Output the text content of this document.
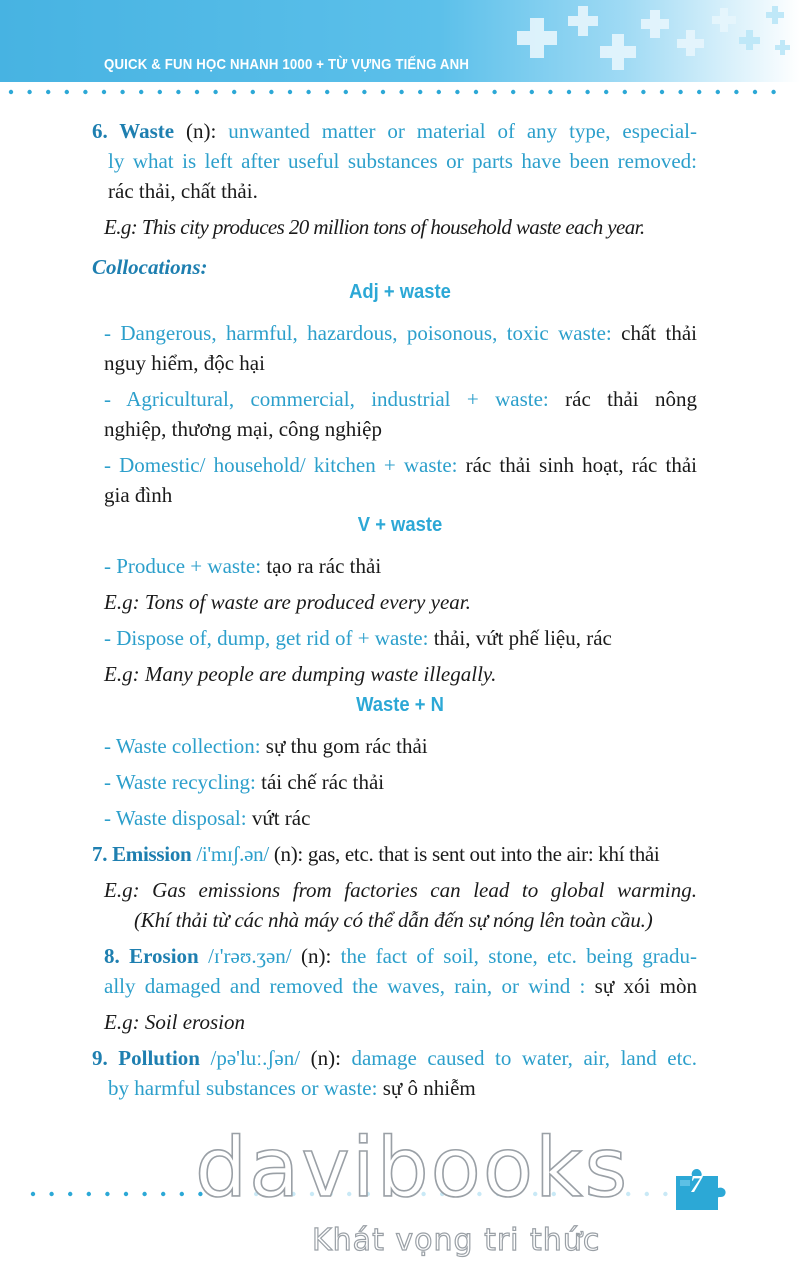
QUICK & FUN HỌC NHANH 1000 + TỪ VỰNG TIẾNG ANH
6. Waste (n): unwanted matter or material of any type, especial-
ly what is left after useful substances or parts have been removed:
rác thải, chất thải.
E.g: This city produces 20 million tons of household waste each year.
Collocations:
Adj + waste
- Dangerous, harmful, hazardous, poisonous, toxic waste: chất thải
nguy hiểm, độc hại
- Agricultural, commercial, industrial + waste: rác thải nông
nghiệp, thương mại, công nghiệp
- Domestic/ household/ kitchen + waste: rác thải sinh hoạt, rác thải
gia đình
V + waste
- Produce + waste: tạo ra rác thải
E.g: Tons of waste are produced every year.
- Dispose of, dump, get rid of + waste: thải, vứt phế liệu, rác
E.g: Many people are dumping waste illegally.
Waste + N
- Waste collection: sự thu gom rác thải
- Waste recycling: tái chế rác thải
- Waste disposal: vứt rác
7. Emission /i'mɪʃ.ən/ (n): gas, etc. that is sent out into the air: khí thải
E.g: Gas emissions from factories can lead to global warming.
(Khí thải từ các nhà máy có thể dẫn đến sự nóng lên toàn cầu.)
8. Erosion /ɪ'rəʊ.ʒən/ (n): the fact of soil, stone, etc. being gradu-
ally damaged and removed the waves, rain, or wind : sự xói mòn
E.g: Soil erosion
9. Pollution /pə'luː.ʃən/ (n): damage caused to water, air, land etc.
by harmful substances or waste: sự ô nhiễm
davibooks
Khát vọng tri thức
7
